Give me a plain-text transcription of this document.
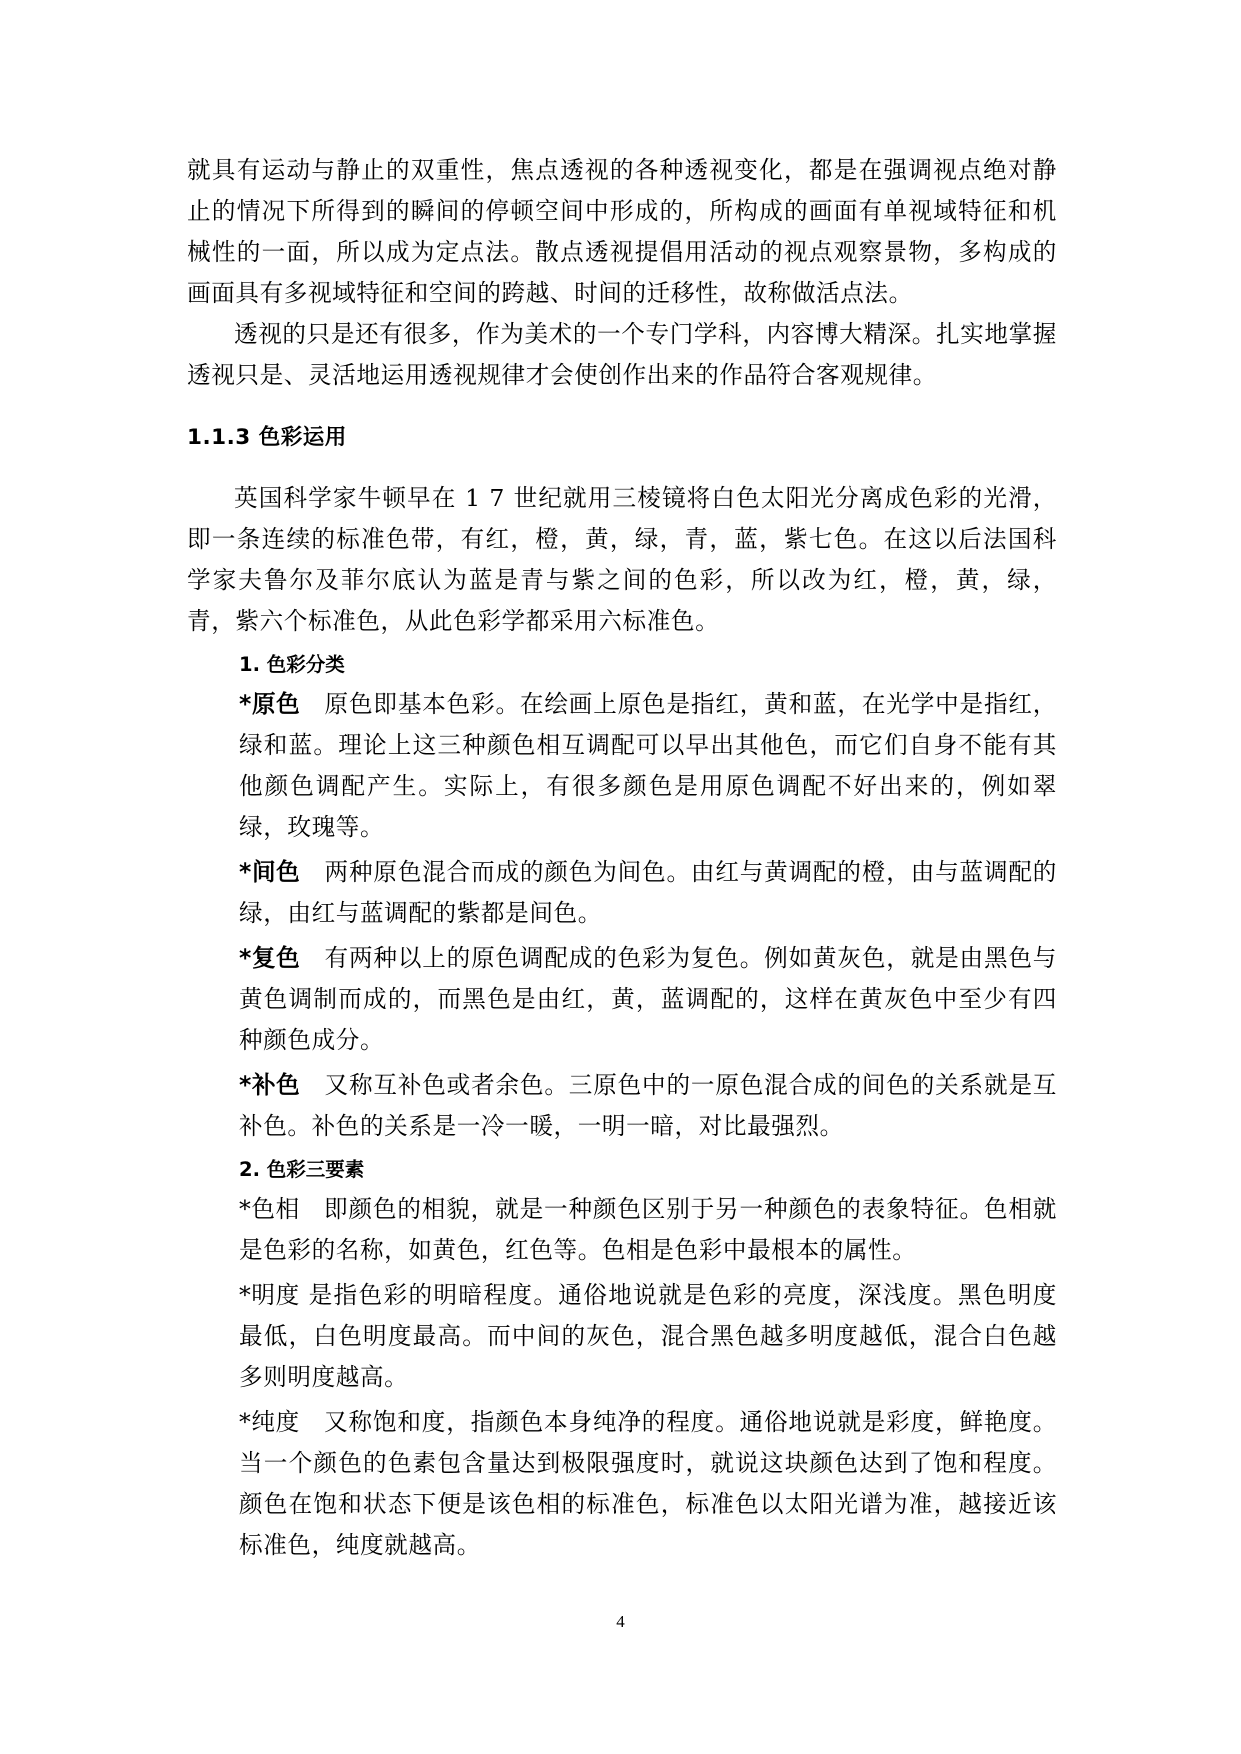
就具有运动与静止的双重性，焦点透视的各种透视变化，都是在强调视点绝对静止的情况下所得到的瞬间的停顿空间中形成的，所构成的画面有单视域特征和机械性的一面，所以成为定点法。散点透视提倡用活动的视点观察景物，多构成的画面具有多视域特征和空间的跨越、时间的迁移性，故称做活点法。

透视的只是还有很多，作为美术的一个专门学科，内容博大精深。扎实地掌握透视只是、灵活地运用透视规律才会使创作出来的作品符合客观规律。

1.1.3 色彩运用

英国科学家牛顿早在 1 7 世纪就用三棱镜将白色太阳光分离成色彩的光滑，即一条连续的标准色带，有红，橙，黄，绿，青，蓝，紫七色。在这以后法国科学家夫鲁尔及菲尔底认为蓝是青与紫之间的色彩，所以改为红，橙，黄，绿，青，紫六个标准色，从此色彩学都采用六标准色。

1. 色彩分类

*原色 原色即基本色彩。在绘画上原色是指红，黄和蓝，在光学中是指红，绿和蓝。理论上这三种颜色相互调配可以早出其他色，而它们自身不能有其他颜色调配产生。实际上，有很多颜色是用原色调配不好出来的，例如翠绿，玫瑰等。

*间色 两种原色混合而成的颜色为间色。由红与黄调配的橙，由与蓝调配的绿，由红与蓝调配的紫都是间色。

*复色 有两种以上的原色调配成的色彩为复色。例如黄灰色，就是由黑色与黄色调制而成的，而黑色是由红，黄，蓝调配的，这样在黄灰色中至少有四种颜色成分。

*补色 又称互补色或者余色。三原色中的一原色混合成的间色的关系就是互补色。补色的关系是一冷一暖，一明一暗，对比最强烈。

2. 色彩三要素

*色相 即颜色的相貌，就是一种颜色区别于另一种颜色的表象特征。色相就是色彩的名称，如黄色，红色等。色相是色彩中最根本的属性。

*明度 是指色彩的明暗程度。通俗地说就是色彩的亮度，深浅度。黑色明度最低，白色明度最高。而中间的灰色，混合黑色越多明度越低，混合白色越多则明度越高。

*纯度 又称饱和度，指颜色本身纯净的程度。通俗地说就是彩度，鲜艳度。当一个颜色的色素包含量达到极限强度时，就说这块颜色达到了饱和程度。颜色在饱和状态下便是该色相的标准色，标准色以太阳光谱为准，越接近该标准色，纯度就越高。

4
